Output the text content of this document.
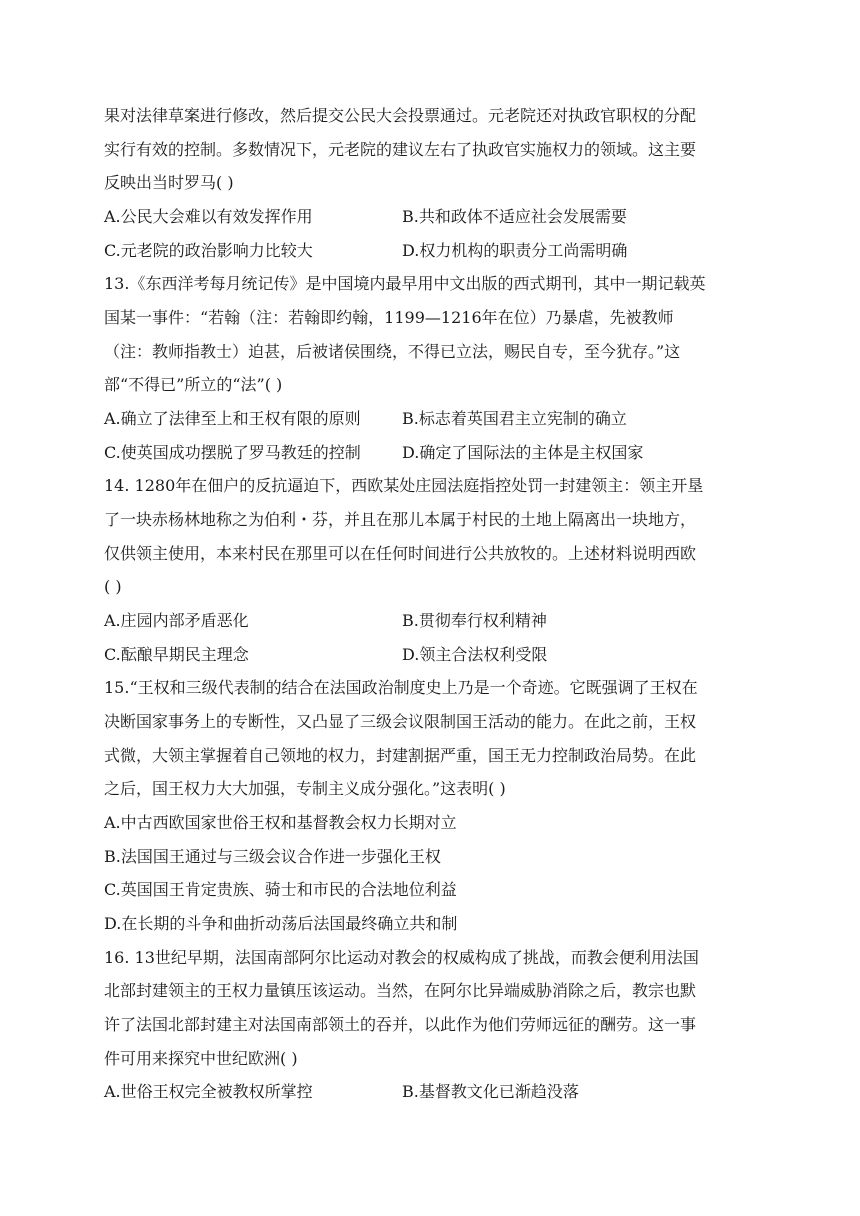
果对法律草案进行修改，然后提交公民大会投票通过。元老院还对执政官职权的分配
实行有效的控制。多数情况下，元老院的建议左右了执政官实施权力的领域。这主要
反映出当时罗马( )
A.公民大会难以有效发挥作用	B.共和政体不适应社会发展需要
C.元老院的政治影响力比较大	D.权力机构的职责分工尚需明确
13.《东西洋考每月统记传》是中国境内最早用中文出版的西式期刊，其中一期记载英
国某一事件：“若翰（注：若翰即约翰，1199—1216年在位）乃暴虐，先被教师
（注：教师指教士）迫甚，后被诸侯围绕，不得已立法，赐民自专，至今犹存。”这
部“不得已”所立的“法”( )
A.确立了法律至上和王权有限的原则	B.标志着英国君主立宪制的确立
C.使英国成功摆脱了罗马教廷的控制	D.确定了国际法的主体是主权国家
14. 1280年在佃户的反抗逼迫下，西欧某处庄园法庭指控处罚一封建领主：领主开垦
了一块赤杨林地称之为伯利・芬，并且在那儿本属于村民的土地上隔离出一块地方，
仅供领主使用，本来村民在那里可以在任何时间进行公共放牧的。上述材料说明西欧
( )
A.庄园内部矛盾恶化	B.贯彻奉行权利精神
C.酝酿早期民主理念	D.领主合法权利受限
15.“王权和三级代表制的结合在法国政治制度史上乃是一个奇迹。它既强调了王权在
决断国家事务上的专断性，又凸显了三级会议限制国王活动的能力。在此之前，王权
式微，大领主掌握着自己领地的权力，封建割据严重，国王无力控制政治局势。在此
之后，国王权力大大加强，专制主义成分强化。”这表明( )
A.中古西欧国家世俗王权和基督教会权力长期对立
B.法国国王通过与三级会议合作进一步强化王权
C.英国国王肯定贵族、骑士和市民的合法地位利益
D.在长期的斗争和曲折动荡后法国最终确立共和制
16. 13世纪早期，法国南部阿尔比运动对教会的权威构成了挑战，而教会便利用法国
北部封建领主的王权力量镇压该运动。当然，在阿尔比异端威胁消除之后，教宗也默
许了法国北部封建主对法国南部领土的吞并，以此作为他们劳师远征的酬劳。这一事
件可用来探究中世纪欧洲( )
A.世俗王权完全被教权所掌控	B.基督教文化已渐趋没落
